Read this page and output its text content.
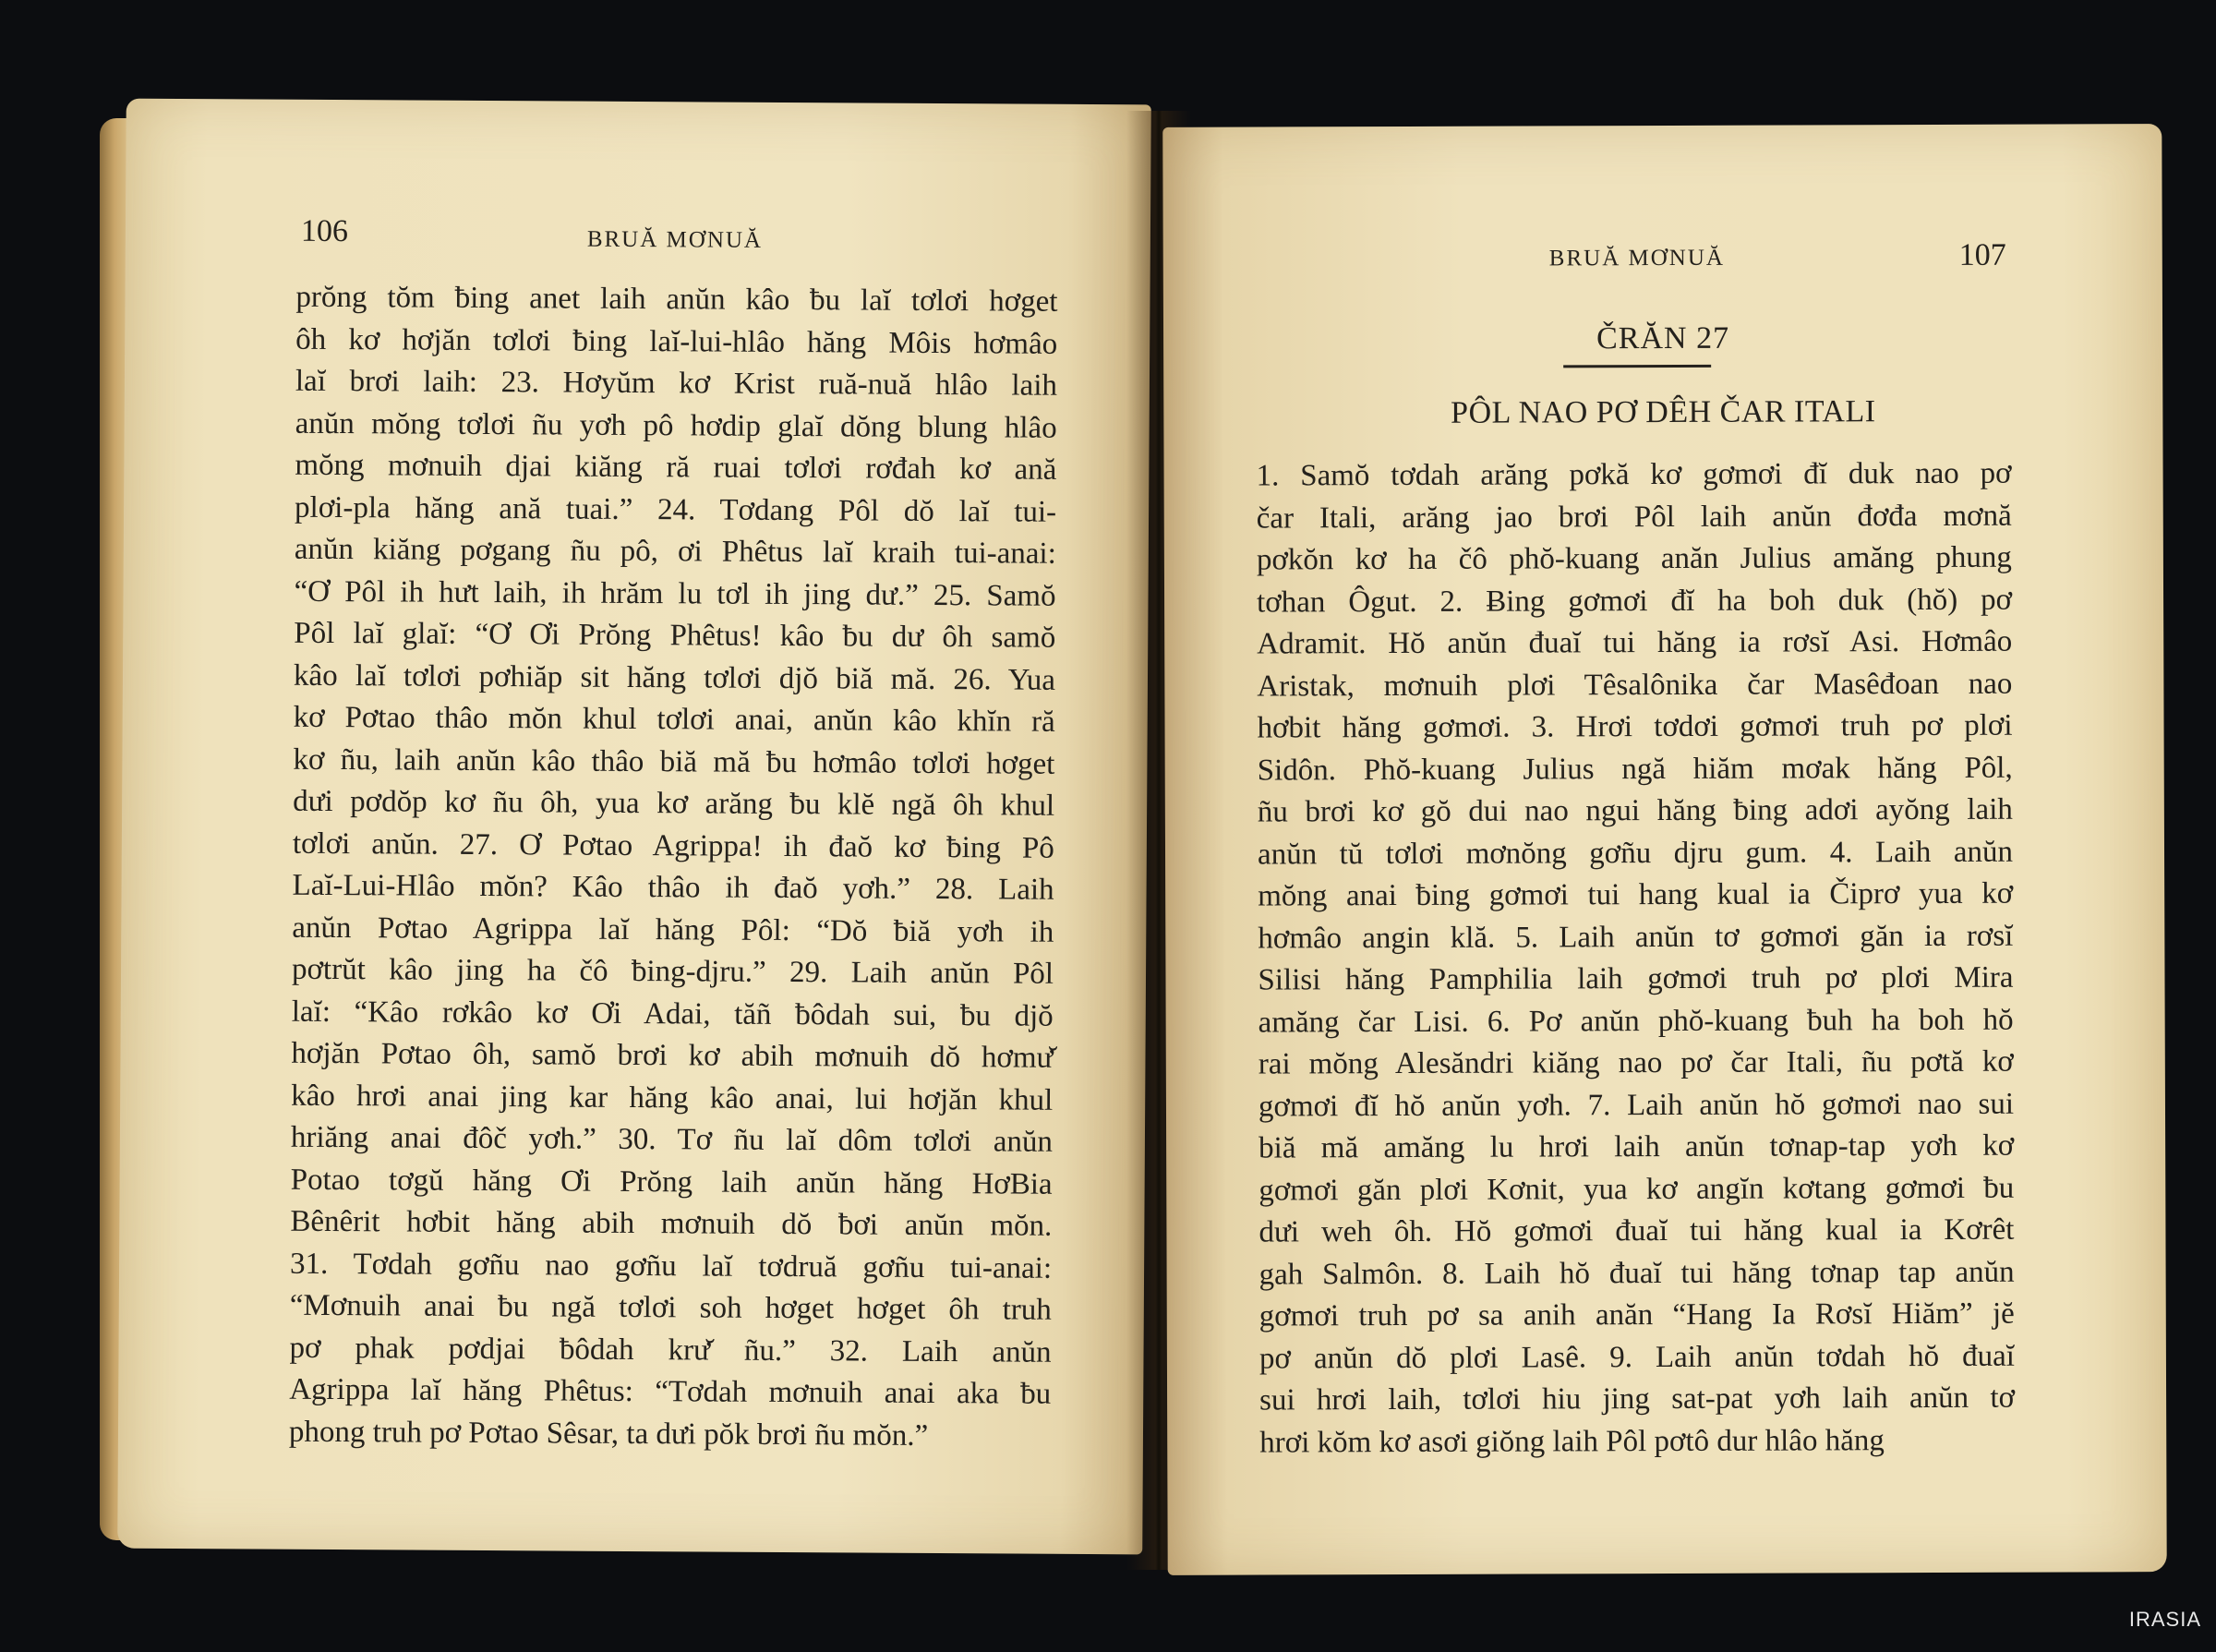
106	BRUĂ MƠNUĂ
prŏng tŏm ƀing anet laih anŭn kâo ƀu laĭ tơlơi hơget
ôh kơ hơjăn tơlơi ƀing laĭ-lui-hlâo hăng Môis hơmâo
laĭ brơi laih: 23. Hơyŭm kơ Krist ruă-nuă hlâo laih
anŭn mŏng tơlơi ñu yơh pô hơdip glaĭ dŏng blung hlâo
mŏng mơnuih djai kiăng ră ruai tơlơi rơđah kơ ană
plơi-pla hăng ană tuai.” 24. Tơdang Pôl dŏ laĭ tui-
anŭn kiăng pơgang ñu pô, ơi Phêtus laĭ kraih tui-anai:
“Ơ Pôl ih hưt laih, ih hrăm lu tơl ih jing dư.” 25. Samŏ
Pôl laĭ glaĭ: “Ơ Ơi Prŏng Phêtus! kâo ƀu dư ôh samŏ
kâo laĭ tơlơi pơhiăp sit hăng tơlơi djŏ biă mă. 26. Yua
kơ Pơtao thâo mŏn khul tơlơi anai, anŭn kâo khĭn ră
kơ ñu, laih anŭn kâo thâo biă mă ƀu hơmâo tơlơi hơget
dưi pơdŏp kơ ñu ôh, yua kơ arăng ƀu klĕ ngă ôh khul
tơlơi anŭn. 27. Ơ Pơtao Agrippa! ih đaŏ kơ ƀing Pô
Laĭ-Lui-Hlâo mŏn? Kâo thâo ih đaŏ yơh.” 28. Laih
anŭn Pơtao Agrippa laĭ hăng Pôl: “Dŏ ƀiă yơh ih
pơtrŭt kâo jing ha čô ƀing-djru.” 29. Laih anŭn Pôl
laĭ: “Kâo rơkâo kơ Ơi Adai, tăñ ƀôdah sui, ƀu djŏ
hơjăn Pơtao ôh, samŏ brơi kơ abih mơnuih dŏ hơmư̆
kâo hrơi anai jing kar hăng kâo anai, lui hơjăn khul
hriăng anai đôč yơh.” 30. Tơ ñu laĭ dôm tơlơi anŭn
Potao tơgŭ hăng Ơi Prŏng laih anŭn hăng HơBia
Bênêrit hơbit hăng abih mơnuih dŏ ƀơi anŭn mŏn.
31. Tơdah gơñu nao gơñu laĭ tơdruă gơñu tui-anai:
“Mơnuih anai ƀu ngă tơlơi soh hơget hơget ôh truh
pơ phak pơdjai ƀôdah krư̆ ñu.” 32. Laih anŭn
Agrippa laĭ hăng Phêtus: “Tơdah mơnuih anai aka ƀu
phong truh pơ Pơtao Sêsar, ta dưi pŏk brơi ñu mŏn.”
BRUĂ MƠNUĂ	107
ČRĂN 27
PÔL NAO PƠ DÊH ČAR ITALI
1. Samŏ tơdah arăng pơkă kơ gơmơi đĭ duk nao pơ
čar Itali, arăng jao brơi Pôl laih anŭn đơđa mơnă
pơkŏn kơ ha čô phŏ-kuang anăn Julius amăng phung
tơhan Ôgut. 2. Ƀing gơmơi đĭ ha boh duk (hŏ) pơ
Adramit. Hŏ anŭn đuaĭ tui hăng ia rơsĭ Asi. Hơmâo
Aristak, mơnuih plơi Têsalônika čar Masêđoan nao
hơbit hăng gơmơi. 3. Hrơi tơdơi gơmơi truh pơ plơi
Sidôn. Phŏ-kuang Julius ngă hiăm mơak hăng Pôl,
ñu brơi kơ gŏ dui nao ngui hăng ƀing adơi ayŏng laih
anŭn tŭ tơlơi mơnŏng gơñu djru gum. 4. Laih anŭn
mŏng anai ƀing gơmơi tui hang kual ia Čiprơ yua kơ
hơmâo angin klă. 5. Laih anŭn tơ gơmơi găn ia rơsĭ
Silisi hăng Pamphilia laih gơmơi truh pơ plơi Mira
amăng čar Lisi. 6. Pơ anŭn phŏ-kuang ƀuh ha boh hŏ
rai mŏng Alesăndri kiăng nao pơ čar Itali, ñu pơtă kơ
gơmơi đĭ hŏ anŭn yơh. 7. Laih anŭn hŏ gơmơi nao sui
biă mă amăng lu hrơi laih anŭn tơnap-tap yơh kơ
gơmơi găn plơi Kơnit, yua kơ angĭn kơtang gơmơi ƀu
dưi weh ôh. Hŏ gơmơi đuaĭ tui hăng kual ia Kơrêt
gah Salmôn. 8. Laih hŏ đuaĭ tui hăng tơnap tap anŭn
gơmơi truh pơ sa anih anăn “Hang Ia Rơsĭ Hiăm” jĕ
pơ anŭn dŏ plơi Lasê. 9. Laih anŭn tơdah hŏ đuaĭ
sui hrơi laih, tơlơi hiu jing sat-pat yơh laih anŭn tơ
hrơi kŏm kơ asơi giŏng laih Pôl pơtô dur hlâo hăng
IRASIA
